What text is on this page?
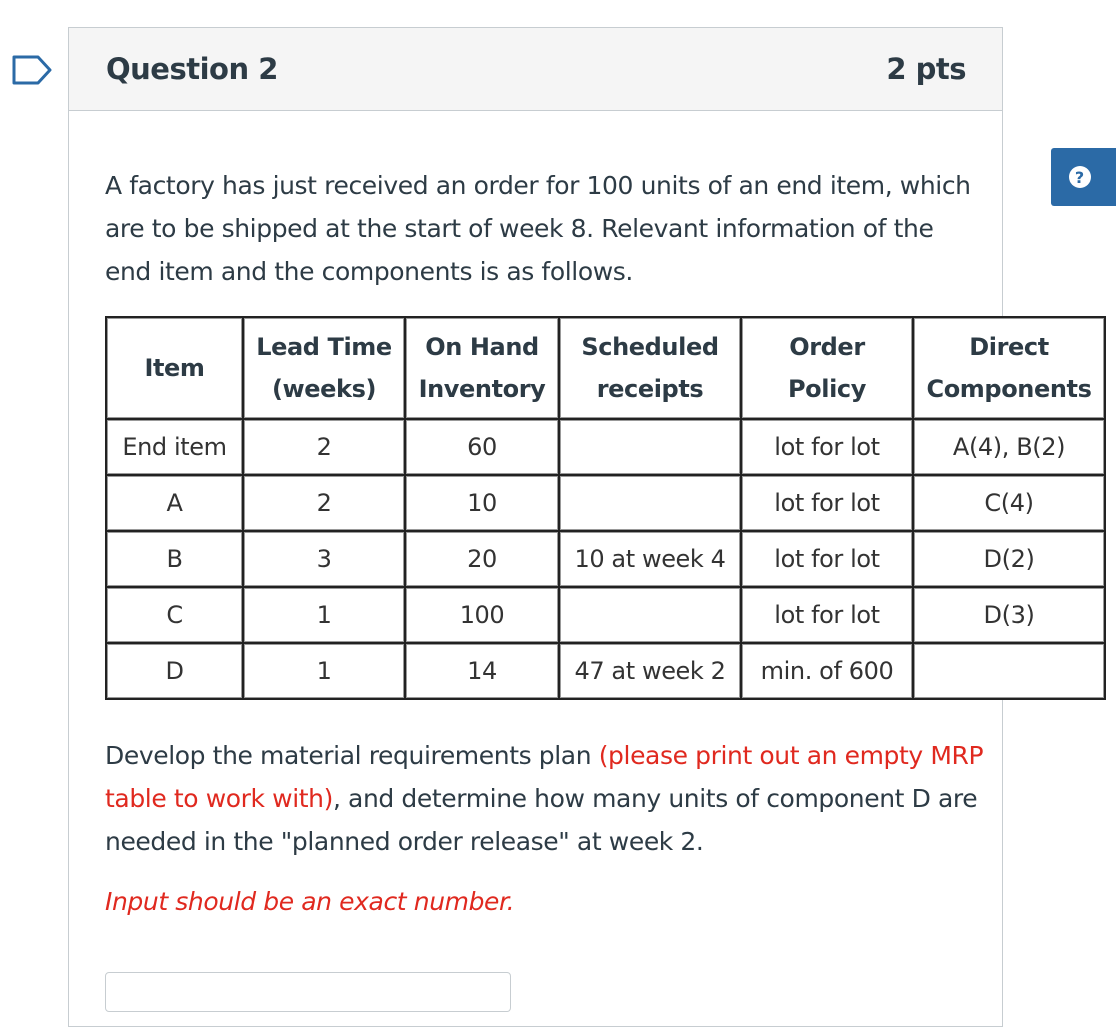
Question 2	2 pts
?
A factory has just received an order for 100 units of an end item, which are to be shipped at the start of week 8. Relevant information of the end item and the components is as follows.
Item	Lead Time (weeks)	On Hand Inventory	Scheduled receipts	Order Policy	Direct Components
End item	2	60		lot for lot	A(4), B(2)
A	2	10		lot for lot	C(4)
B	3	20	10 at week 4	lot for lot	D(2)
C	1	100		lot for lot	D(3)
D	1	14	47 at week 2	min. of 600	
Develop the material requirements plan (please print out an empty MRP table to work with), and determine how many units of component D are needed in the "planned order release" at week 2.
Input should be an exact number.
